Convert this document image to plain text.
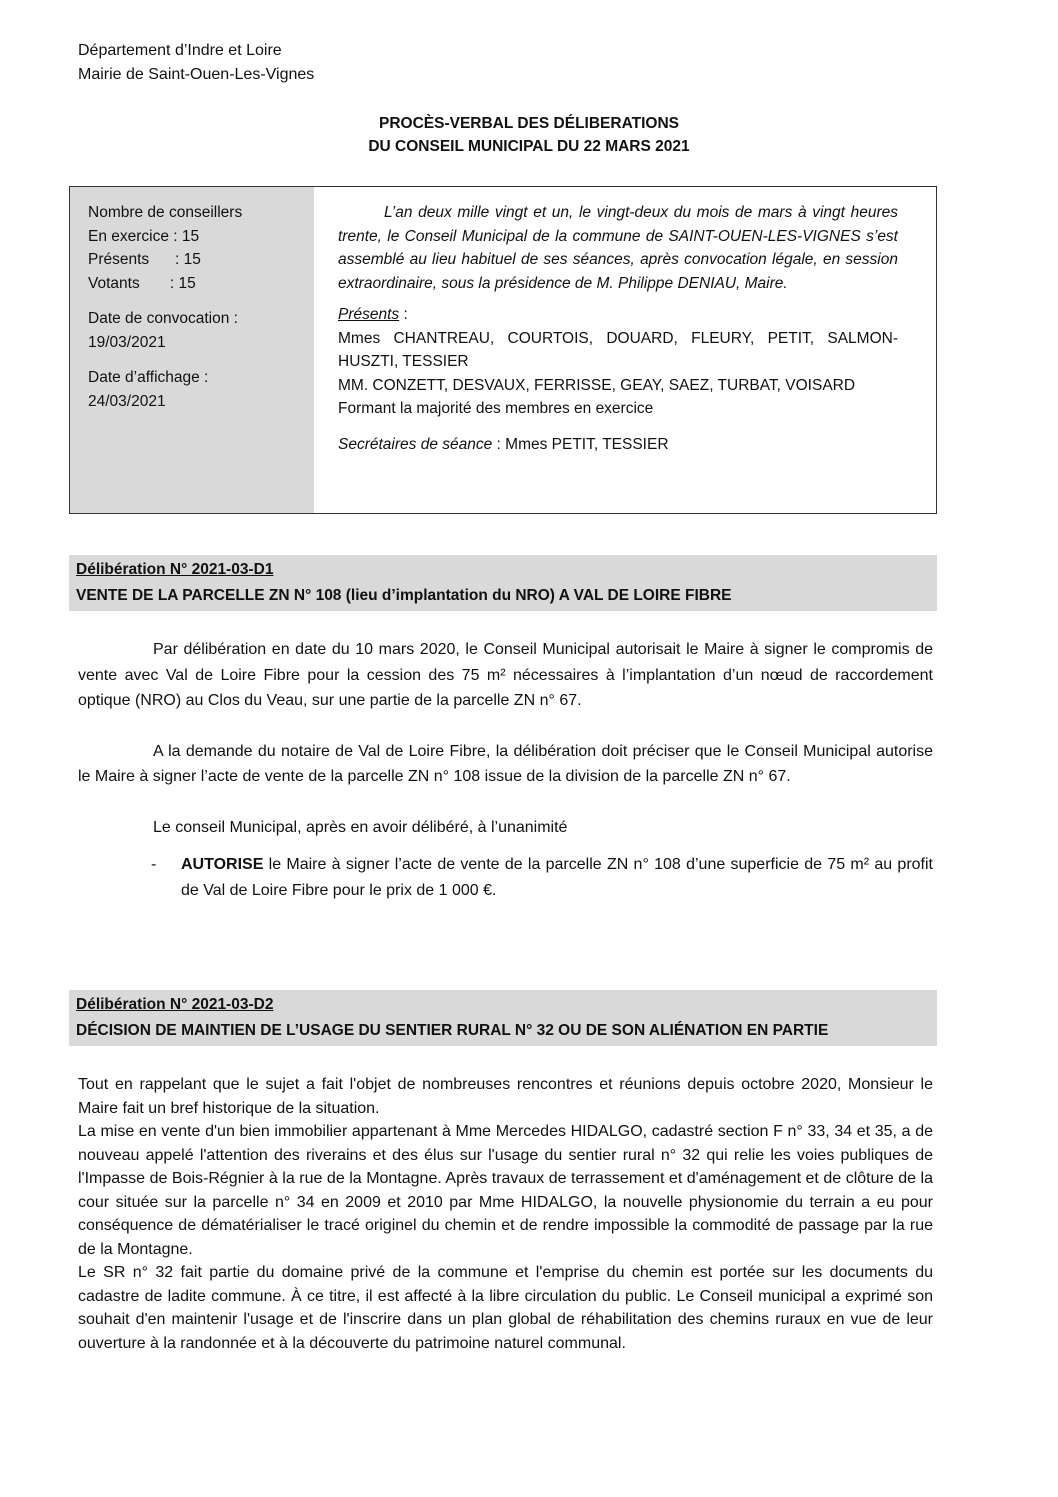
Département d’Indre et Loire
Mairie de Saint-Ouen-Les-Vignes
PROCÈS-VERBAL DES DÉLIBERATIONS
DU CONSEIL MUNICIPAL DU 22 MARS 2021
Nombre de conseillers
En exercice : 15
Présents      : 15
Votants       : 15
Date de convocation :
19/03/2021
Date d’affichage :
24/03/2021

L’an deux mille vingt et un, le vingt-deux du mois de mars à vingt heures trente, le Conseil Municipal de la commune de SAINT-OUEN-LES-VIGNES s’est assemblé au lieu habituel de ses séances, après convocation légale, en session extraordinaire, sous la présidence de M. Philippe DENIAU, Maire.

Présents :

Mmes CHANTREAU, COURTOIS, DOUARD, FLEURY, PETIT, SALMON-HUSZTI, TESSIER

MM. CONZETT, DESVAUX, FERRISSE, GEAY, SAEZ, TURBAT, VOISARD

Formant la majorité des membres en exercice

Secrétaires de séance : Mmes PETIT, TESSIER

Délibération N° 2021-03-D1
VENTE DE LA PARCELLE ZN N° 108 (lieu d’implantation du NRO) A VAL DE LOIRE FIBRE

Par délibération en date du 10 mars 2020, le Conseil Municipal autorisait le Maire à signer le compromis de vente avec Val de Loire Fibre pour la cession des 75 m² nécessaires à l’implantation d’un nœud de raccordement optique (NRO) au Clos du Veau, sur une partie de la parcelle ZN n° 67.

A la demande du notaire de Val de Loire Fibre, la délibération doit préciser que le Conseil Municipal autorise le Maire à signer l’acte de vente de la parcelle ZN n° 108 issue de la division de la parcelle ZN n° 67.

Le conseil Municipal, après en avoir délibéré, à l’unanimité

- AUTORISE le Maire à signer l’acte de vente de la parcelle ZN n° 108 d’une superficie de 75 m² au profit de Val de Loire Fibre pour le prix de 1 000 €.

Délibération N° 2021-03-D2
DÉCISION DE MAINTIEN DE L’USAGE DU SENTIER RURAL N° 32 OU DE SON ALIÉNATION EN PARTIE

Tout en rappelant que le sujet a fait l'objet de nombreuses rencontres et réunions depuis octobre 2020, Monsieur le Maire fait un bref historique de la situation.

La mise en vente d'un bien immobilier appartenant à Mme Mercedes HIDALGO, cadastré section F n° 33, 34 et 35, a de nouveau appelé l'attention des riverains et des élus sur l'usage du sentier rural n° 32 qui relie les voies publiques de l'Impasse de Bois-Régnier à la rue de la Montagne. Après travaux de terrassement et d'aménagement et de clôture de la cour située sur la parcelle n° 34 en 2009 et 2010 par Mme HIDALGO, la nouvelle physionomie du terrain a eu pour conséquence de dématérialiser le tracé originel du chemin et de rendre impossible la commodité de passage par la rue de la Montagne.

Le SR n° 32 fait partie du domaine privé de la commune et l'emprise du chemin est portée sur les documents du cadastre de ladite commune. À ce titre, il est affecté à la libre circulation du public. Le Conseil municipal a exprimé son souhait d'en maintenir l'usage et de l'inscrire dans un plan global de réhabilitation des chemins ruraux en vue de leur ouverture à la randonnée et à la découverte du patrimoine naturel communal.
